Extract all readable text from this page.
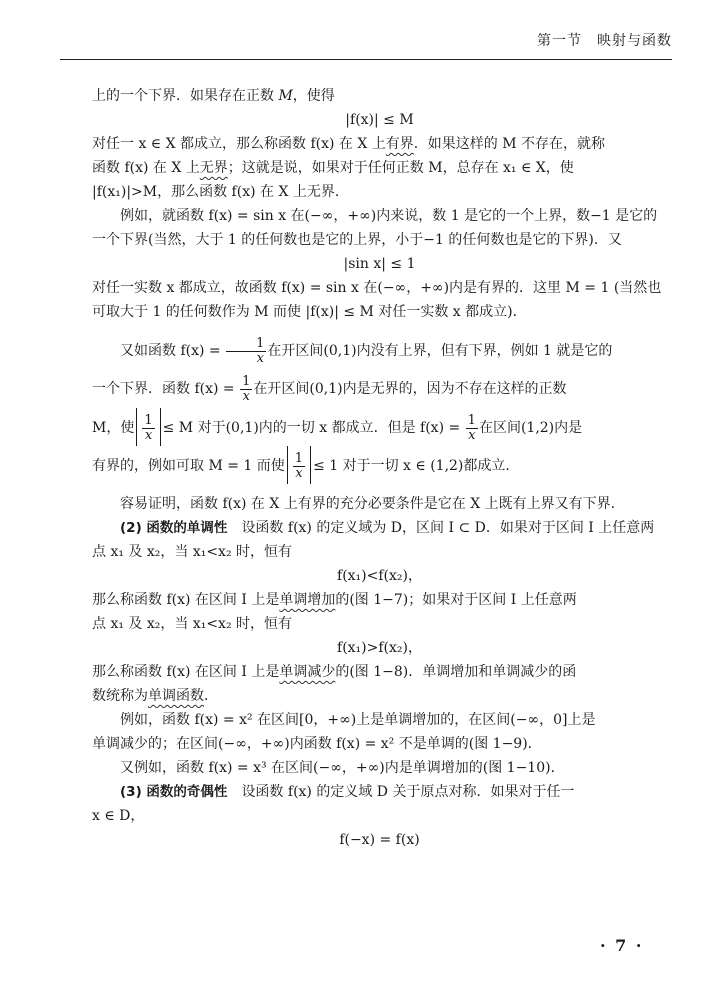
第一节　映射与函数
上的一个下界．如果存在正数 M，使得
|f(x)| ≤ M
对任一 x ∈ X 都成立，那么称函数 f(x) 在 X 上有界．如果这样的 M 不存在，就称
函数 f(x) 在 X 上无界；这就是说，如果对于任何正数 M，总存在 x₁ ∈ X，使
|f(x₁)|>M，那么函数 f(x) 在 X 上无界．

例如，就函数 f(x) = sin x 在(−∞，+∞)内来说，数 1 是它的一个上界，数−1 是它的一个下界(当然，大于 1 的任何数也是它的上界，小于−1 的任何数也是它的下界)．又

|sin x| ≤ 1

对任一实数 x 都成立，故函数 f(x) = sin x 在(−∞，+∞)内是有界的．这里 M = 1 (当然也可取大于 1 的任何数作为 M 而使 |f(x)| ≤ M 对任一实数 x 都成立)．

又如函数 $f(x) = \frac{1}{x}$ 在开区间(0,1)内没有上界，但有下界，例如 1 就是它的
一个下界．函数 $f(x) = \frac{1}{x}$ 在开区间(0,1)内是无界的，因为不存在这样的正数
M，使 $\frac{1}{x} \le M$ 对于(0,1)内的一切 x 都成立．但是 $f(x) = \frac{1}{x}$ 在区间(1,2)内是
有界的，例如可取 M = 1 而使 $\frac{1}{x} \le 1$ 对于一切 x ∈ (1,2)都成立．

容易证明，函数 f(x) 在 X 上有界的充分必要条件是它在 X 上既有上界又有下界．

(2) 函数的单调性　 设函数 f(x) 的定义域为 D，区间 I ⊂ D．如果对于区间 I 上任意两点 x₁ 及 x₂，当 x₁<x₂ 时，恒有

f(x₁)<f(x₂)，
那么称函数 f(x) 在区间 I 上是单调增加的(图 1−7)；如果对于区间 I 上任意两
点 x₁ 及 x₂，当 x₁<x₂ 时，恒有
f(x₁)>f(x₂)，
那么称函数 f(x) 在区间 I 上是单调减少的(图 1−8)．单调增加和单调减少的函
数统称为单调函数．
例如，函数 f(x) = x² 在区间[0，+∞)上是单调增加的，在区间(−∞，0]上是
单调减少的；在区间(−∞，+∞)内函数 f(x) = x² 不是单调的(图 1−9)．
又例如，函数 f(x) = x³ 在区间(−∞，+∞)内是单调增加的(图 1−10)．
(3) 函数的奇偶性　 设函数 f(x) 的定义域 D 关于原点对称．如果对于任一
x ∈ D，
f(−x) = f(x)
· 7 ·
